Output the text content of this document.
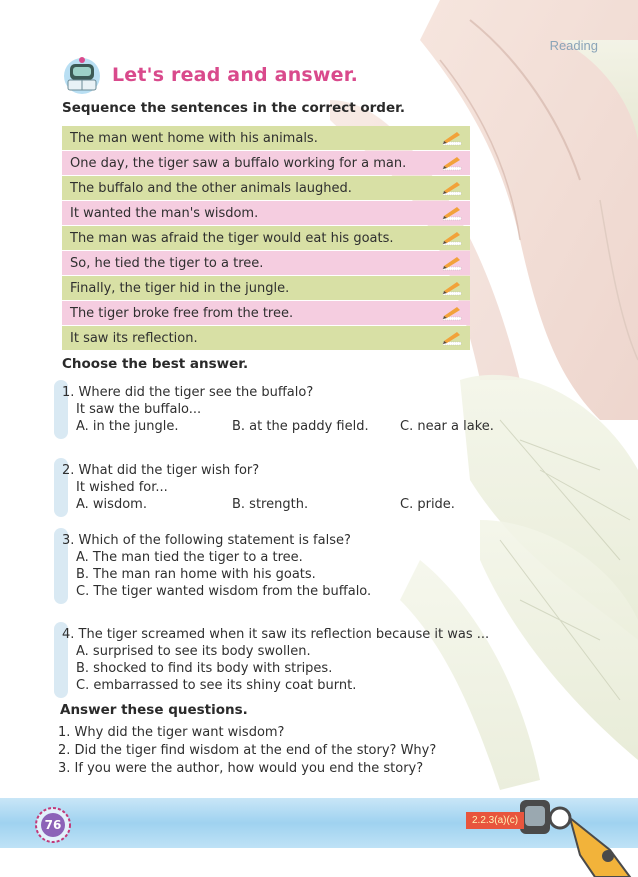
Reading
Let's read and answer.
Sequence the sentences in the correct order.
The man went home with his animals.
One day, the tiger saw a buffalo working for a man.
The buffalo and the other animals laughed.
It wanted the man's wisdom.
The man was afraid the tiger would eat his goats.
So, he tied the tiger to a tree.
Finally, the tiger hid in the jungle.
The tiger broke free from the tree.
It saw its reflection.
Choose the best answer.
1. Where did the tiger see the buffalo?
It saw the buffalo...
A. in the jungle.	B. at the paddy field.	C. near a lake.
2. What did the tiger wish for?
It wished for...
A. wisdom.	B. strength.	C. pride.
3. Which of the following statement is false?
A. The man tied the tiger to a tree.
B. The man ran home with his goats.
C. The tiger wanted wisdom from the buffalo.
4. The tiger screamed when it saw its reflection because it was ...
A. surprised to see its body swollen.
B. shocked to find its body with stripes.
C. embarrassed to see its shiny coat burnt.
Answer these questions.
1. Why did the tiger want wisdom?
2. Did the tiger find wisdom at the end of the story? Why?
3. If you were the author, how would you end the story?
76	2.2.3(a)(c)
